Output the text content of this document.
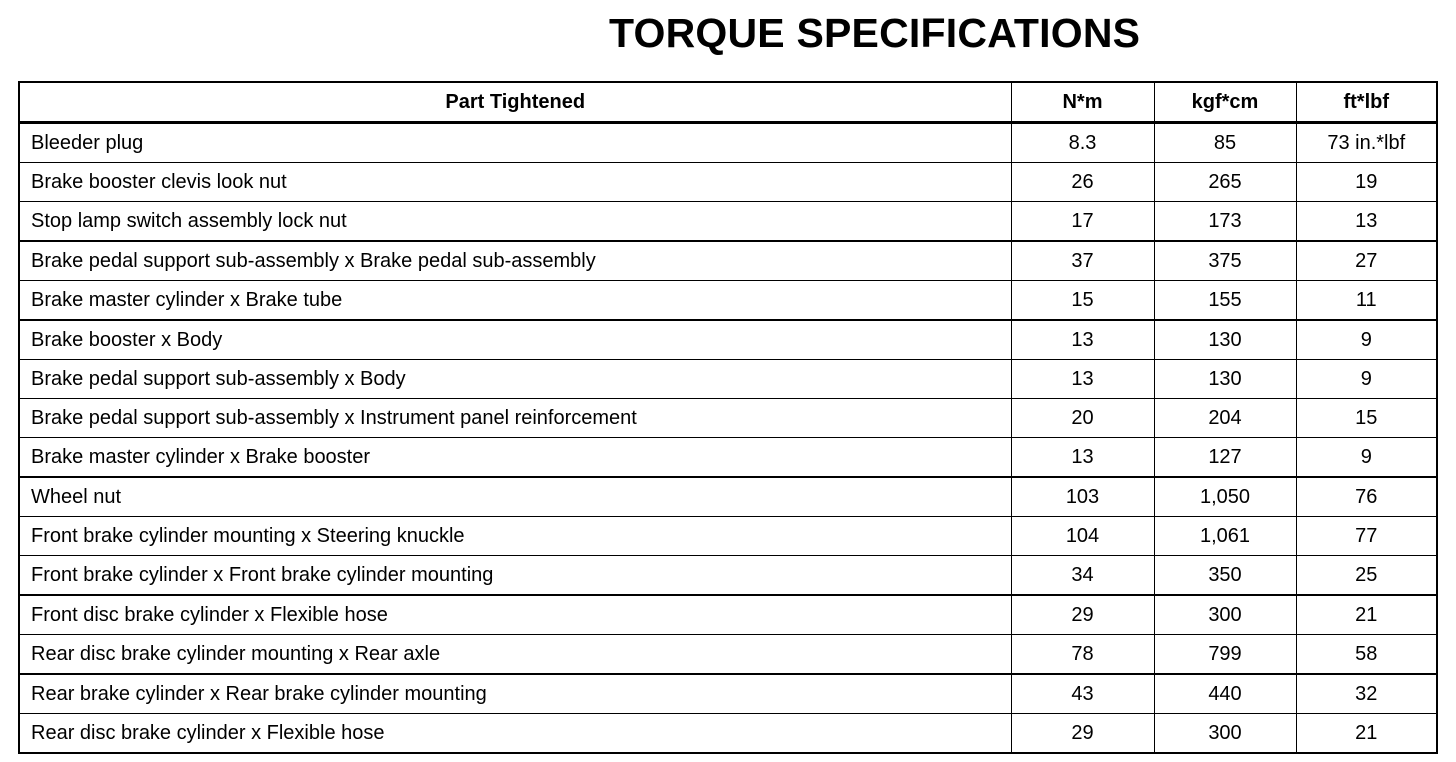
TORQUE SPECIFICATIONS
Part Tightened	N*m	kgf*cm	ft*lbf
Bleeder plug	8.3	85	73 in.*lbf
Brake booster clevis look nut	26	265	19
Stop lamp switch assembly lock nut	17	173	13
Brake pedal support sub-assembly x Brake pedal sub-assembly	37	375	27
Brake master cylinder x Brake tube	15	155	11
Brake booster x Body	13	130	9
Brake pedal support sub-assembly x Body	13	130	9
Brake pedal support sub-assembly x Instrument panel reinforcement	20	204	15
Brake master cylinder x Brake booster	13	127	9
Wheel nut	103	1,050	76
Front brake cylinder mounting x Steering knuckle	104	1,061	77
Front brake cylinder x Front brake cylinder mounting	34	350	25
Front disc brake cylinder x Flexible hose	29	300	21
Rear disc brake cylinder mounting x Rear axle	78	799	58
Rear brake cylinder x Rear brake cylinder mounting	43	440	32
Rear disc brake cylinder x Flexible hose	29	300	21
